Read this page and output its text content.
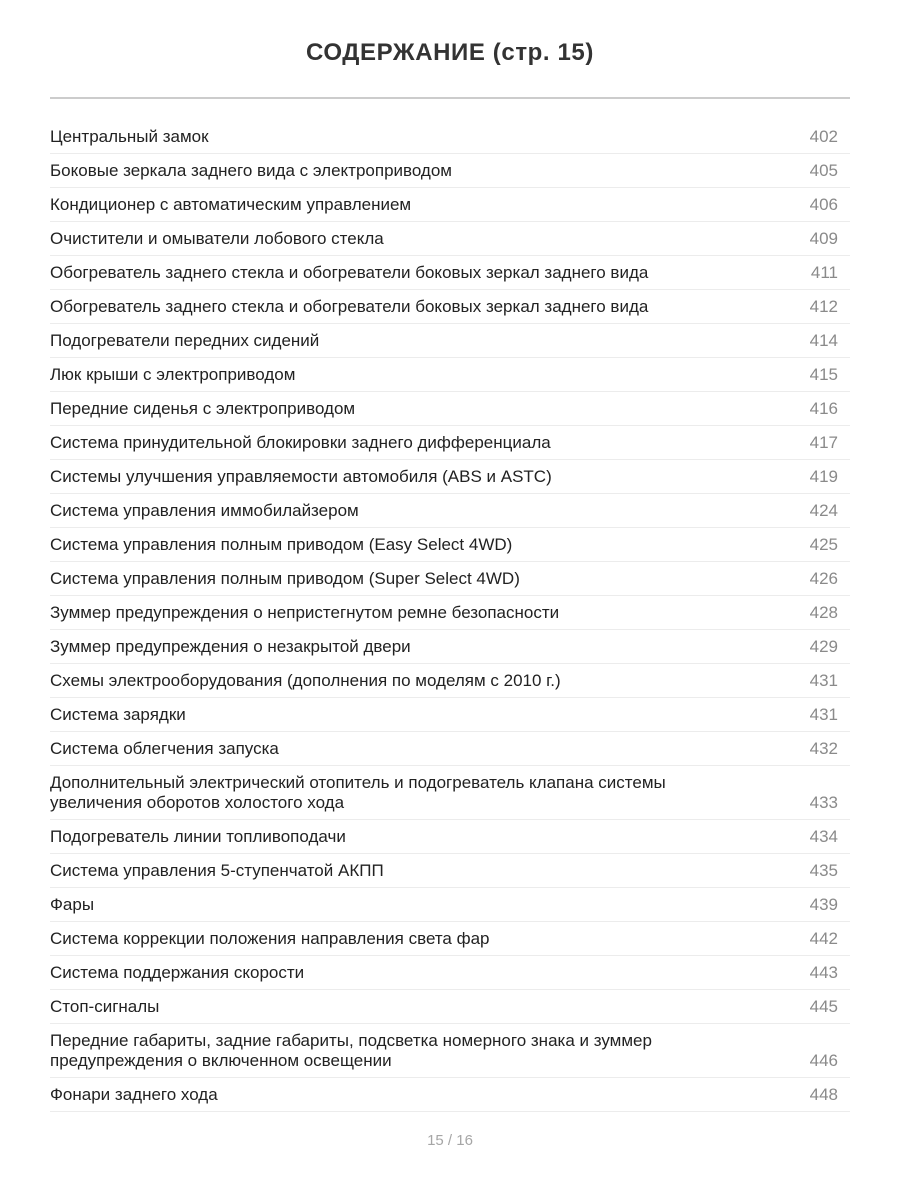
СОДЕРЖАНИЕ (стр. 15)
Центральный замок	402
Боковые зеркала заднего вида с электроприводом	405
Кондиционер с автоматическим управлением	406
Очистители и омыватели лобового стекла	409
Обогреватель заднего стекла и обогреватели боковых зеркал заднего вида	411
Обогреватель заднего стекла и обогреватели боковых зеркал заднего вида	412
Подогреватели передних сидений	414
Люк крыши с электроприводом	415
Передние сиденья с электроприводом	416
Система принудительной блокировки заднего дифференциала	417
Системы улучшения управляемости автомобиля (ABS и ASTC)	419
Система управления иммобилайзером	424
Система управления полным приводом (Easy Select 4WD)	425
Система управления полным приводом (Super Select 4WD)	426
Зуммер предупреждения о непристегнутом ремне безопасности	428
Зуммер предупреждения о незакрытой двери	429
Схемы электрооборудования (дополнения по моделям с 2010 г.)	431
Система зарядки	431
Система облегчения запуска	432
Дополнительный электрический отопитель и подогреватель клапана системы
увеличения оборотов холостого хода	433
Подогреватель линии топливоподачи	434
Система управления 5-ступенчатой АКПП	435
Фары	439
Система коррекции положения направления света фар	442
Система поддержания скорости	443
Стоп-сигналы	445
Передние габариты, задние габариты, подсветка номерного знака и зуммер
предупреждения о включенном освещении	446
Фонари заднего хода	448
15 / 16
